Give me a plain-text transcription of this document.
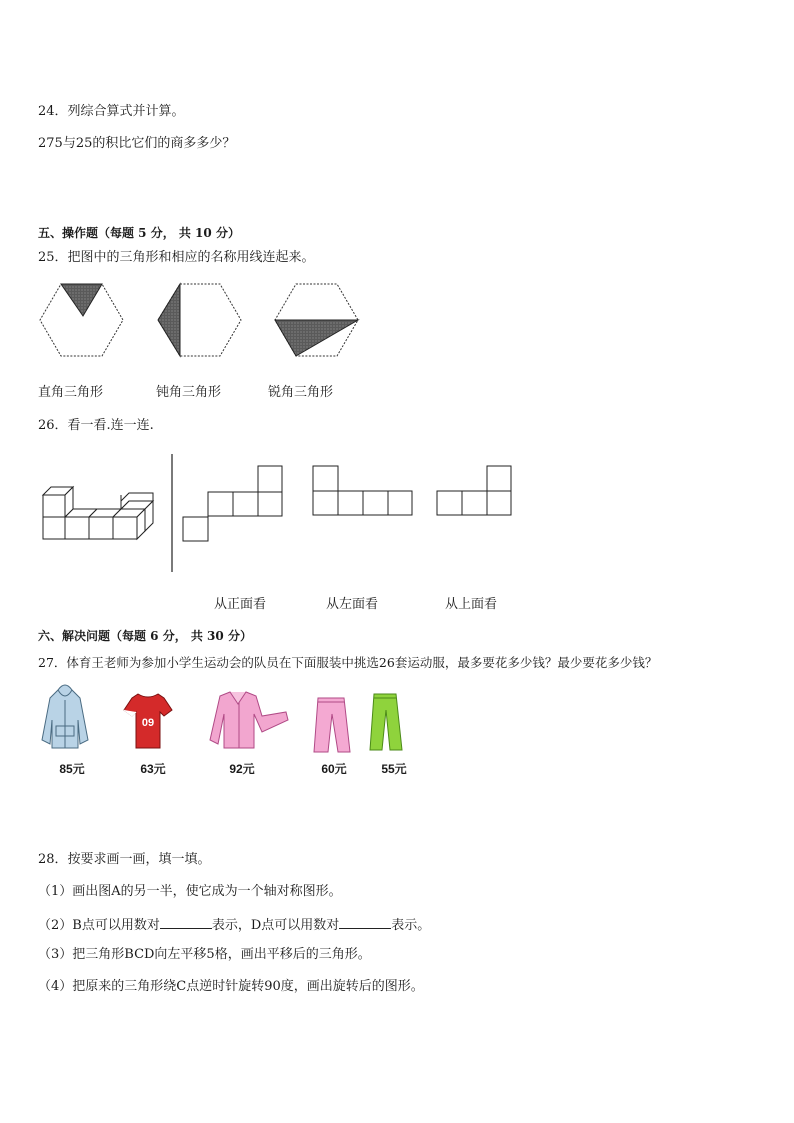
24．列综合算式并计算。
275与25的积比它们的商多多少？
五、操作题（每题 5 分， 共 10 分）
25．把图中的三角形和相应的名称用线连起来。
直角三角形	钝角三角形	锐角三角形
26．看一看.连一连.
从正面看	从左面看	从上面看
六、解决问题（每题 6 分， 共 30 分）
27．体育王老师为参加小学生运动会的队员在下面服装中挑选26套运动服，最多要花多少钱？最少要花多少钱？
09
85元	63元	92元	60元	55元
28．按要求画一画，填一填。
（1）画出图A的另一半，使它成为一个轴对称图形。
（2）B点可以用数对	表示，D点可以用数对	表示。
（3）把三角形BCD向左平移5格，画出平移后的三角形。
（4）把原来的三角形绕C点逆时针旋转90度，画出旋转后的图形。
